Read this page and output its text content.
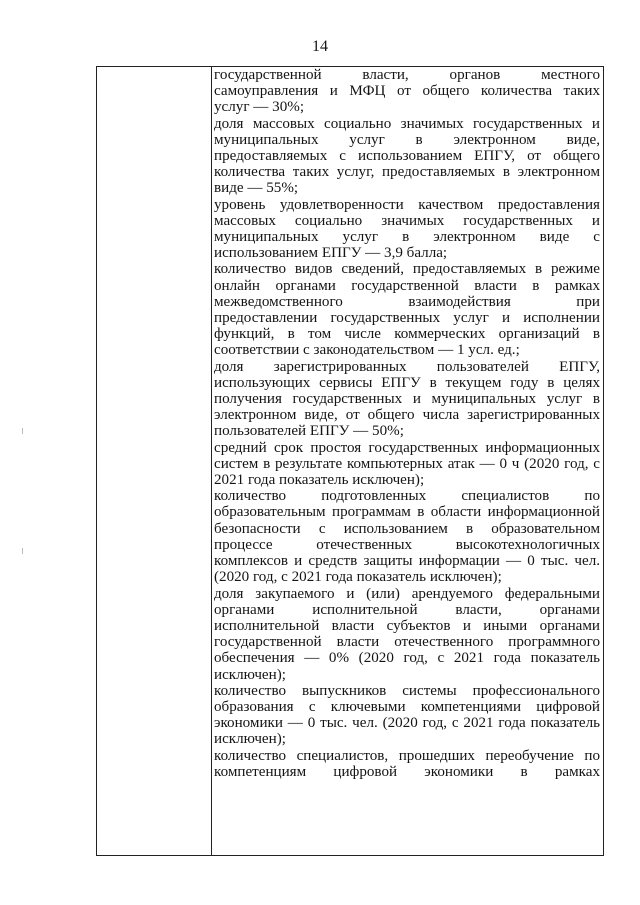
14

государственной власти, органов местного

самоуправления и МФЦ от общего количества таких

услуг — 30%;

доля массовых социально значимых государственных и

муниципальных услуг в электронном виде,

предоставляемых с использованием ЕПГУ, от общего

количества таких услуг, предоставляемых в электронном

виде — 55%;

уровень удовлетворенности качеством предоставления

массовых социально значимых государственных и

муниципальных услуг в электронном виде с

использованием ЕПГУ — 3,9 балла;

количество видов сведений, предоставляемых в режиме

онлайн органами государственной власти в рамках

межведомственного взаимодействия при

предоставлении государственных услуг и исполнении

функций, в том числе коммерческих организаций в

соответствии с законодательством — 1 усл. ед.;

доля зарегистрированных пользователей ЕПГУ,

использующих сервисы ЕПГУ в текущем году в целях

получения государственных и муниципальных услуг в

электронном виде, от общего числа зарегистрированных

пользователей ЕПГУ — 50%;

средний срок простоя государственных информационных

систем в результате компьютерных атак — 0 ч (2020 год, с

2021 года показатель исключен);

количество подготовленных специалистов по

образовательным программам в области информационной

безопасности с использованием в образовательном

процессе отечественных высокотехнологичных

комплексов и средств защиты информации — 0 тыс. чел.

(2020 год, с 2021 года показатель исключен);

доля закупаемого и (или) арендуемого федеральными

органами исполнительной власти, органами

исполнительной власти субъектов и иными органами

государственной власти отечественного программного

обеспечения — 0% (2020 год, с 2021 года показатель

исключен);

количество выпускников системы профессионального

образования с ключевыми компетенциями цифровой

экономики — 0 тыс. чел. (2020 год, с 2021 года показатель

исключен);

количество специалистов, прошедших переобучение по

компетенциям цифровой экономики в рамках
